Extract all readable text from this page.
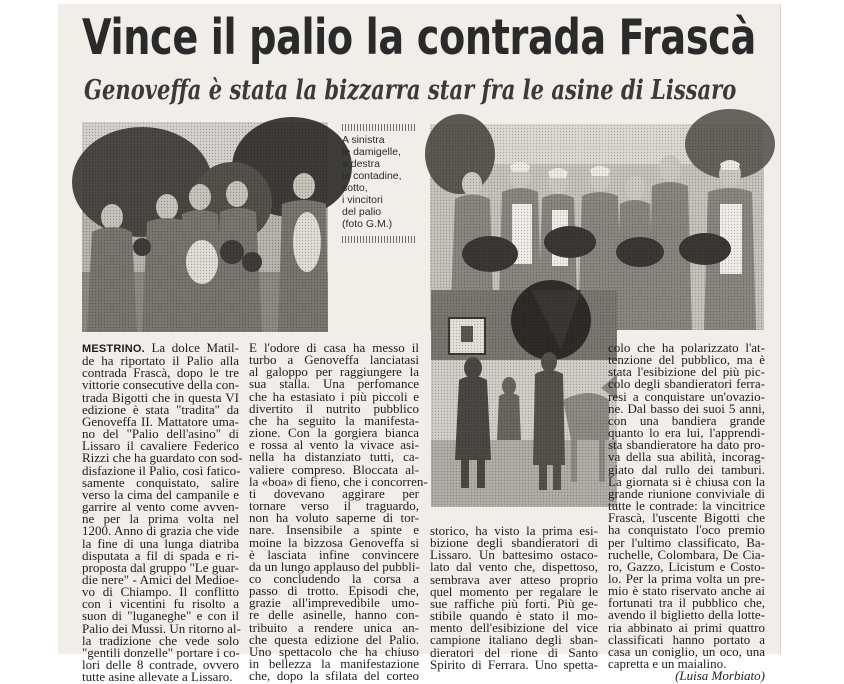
Vince il palio la contrada Frascà
Genoveffa è stata la bizzarra star fra le asine di Lissaro
A sinistra
le damigelle,
a destra
le contadine,
sotto,
i vincitori
del palio
(foto G.M.)
MESTRINO. La dolce Matil-
de ha riportato il Palio alla
contrada Frascà, dopo le tre
vittorie consecutive della con-
trada Bigotti che in questa VI
edizione è stata "tradita" da
Genoveffa II. Mattatore uma-
no del "Palio dell'asino" di
Lissaro il cavaliere Federico
Rizzi che ha guardato con sod-
disfazione il Palio, così fatico-
samente conquistato, salire
verso la cima del campanile e
garrire al vento come avven-
ne per la prima volta nel
1200. Anno di grazia che vide
la fine di una lunga diatriba
disputata a fil di spada e ri-
proposta dal gruppo "Le guar-
die nere" - Amici del Medioe-
vo di Chiampo. Il conflitto
con i vicentini fu risolto a
suon di "luganeghe" e con il
Palio dei Mussi. Un ritorno al-
la tradizione che vede solo
"gentili donzelle" portare i co-
lori delle 8 contrade, ovvero
tutte asine allevate a Lissaro.
E l'odore di casa ha messo il
turbo a Genoveffa lanciatasi
al galoppo per raggiungere la
sua stalla. Una perfomance
che ha estasiato i più piccoli e
divertito il nutrito pubblico
che ha seguito la manifesta-
zione. Con la gorgiera bianca
e rossa al vento la vivace asi-
nella ha distanziato tutti, ca-
valiere compreso. Bloccata al-
la «boa» di fieno, che i concorren-
ti dovevano aggirare per
tornare verso il traguardo,
non ha voluto saperne di tor-
nare. Insensibile a spinte e
moine la bizzosa Genoveffa si
è lasciata infine convincere
da un lungo applauso del pubbli-
co concludendo la corsa a
passo di trotto. Episodi che,
grazie all'imprevedibile umo-
re delle asinelle, hanno con-
tribuito a rendere unica an-
che questa edizione del Palio.
Uno spettacolo che ha chiuso
in bellezza la manifestazione
che, dopo la sfilata del corteo
storico, ha visto la prima esi-
bizione degli sbandieratori di
Lissaro. Un battesimo ostaco-
lato dal vento che, dispettoso,
sembrava aver atteso proprio
quel momento per regalare le
sue raffiche più forti. Più ge-
stibile quando è stato il mo-
mento dell'esibizione del vice
campione italiano degli sban-
dieratori del rione di Santo
Spirito di Ferrara. Uno spetta-
colo che ha polarizzato l'at-
tenzione del pubblico, ma è
stata l'esibizione del più pic-
colo degli sbandieratori ferra-
resi a conquistare un'ovazio-
ne. Dal basso dei suoi 5 anni,
con una bandiera grande
quanto lo era lui, l'apprendi-
sta sbandieratore ha dato pro-
va della sua abilità, incorag-
giato dal rullo dei tamburi.
La giornata si è chiusa con la
grande riunione conviviale di
tutte le contrade: la vincitrice
Frascà, l'uscente Bigotti che
ha conquistato l'oco premio
per l'ultimo classificato, Ba-
ruchelle, Colombara, De Cia-
ro, Gazzo, Licistum e Costo-
lo. Per la prima volta un pre-
mio è stato riservato anche ai
fortunati tra il pubblico che,
avendo il biglietto della lotte-
ria abbinato ai primi quattro
classificati hanno portato a
casa un coniglio, un oco, una
capretta e un maialino.
(Luisa Morbiato)
